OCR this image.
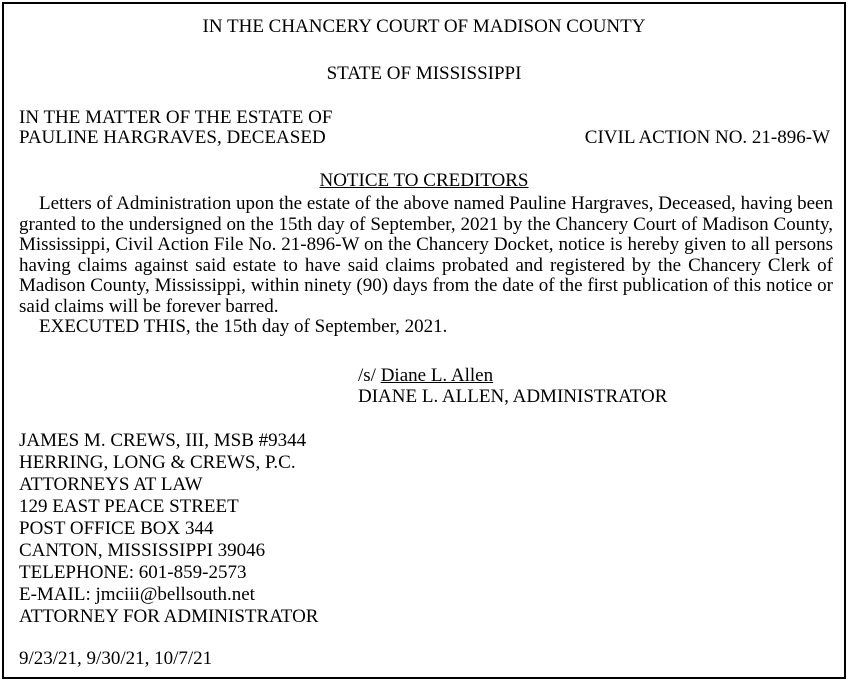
IN THE CHANCERY COURT OF MADISON COUNTY
STATE OF MISSISSIPPI
IN THE MATTER OF THE ESTATE OF
PAULINE HARGRAVES, DECEASED	CIVIL ACTION NO. 21-896-W
NOTICE TO CREDITORS

Letters of Administration upon the estate of the above named Pauline Hargraves, Deceased, having been granted to the undersigned on the 15th day of September, 2021 by the Chancery Court of Madison County, Mississippi, Civil Action File No. 21-896-W on the Chancery Docket, notice is hereby given to all persons having claims against said estate to have said claims probated and registered by the Chancery Clerk of Madison County, Mississippi, within ninety (90) days from the date of the first publication of this notice or said claims will be forever barred.

EXECUTED THIS, the 15th day of September, 2021.

/s/ Diane L. Allen
DIANE L. ALLEN, ADMINISTRATOR
JAMES M. CREWS, III, MSB #9344
HERRING, LONG & CREWS, P.C.
ATTORNEYS AT LAW
129 EAST PEACE STREET
POST OFFICE BOX 344
CANTON, MISSISSIPPI 39046
TELEPHONE: 601-859-2573
E-MAIL: jmciii@bellsouth.net
ATTORNEY FOR ADMINISTRATOR
9/23/21, 9/30/21, 10/7/21
